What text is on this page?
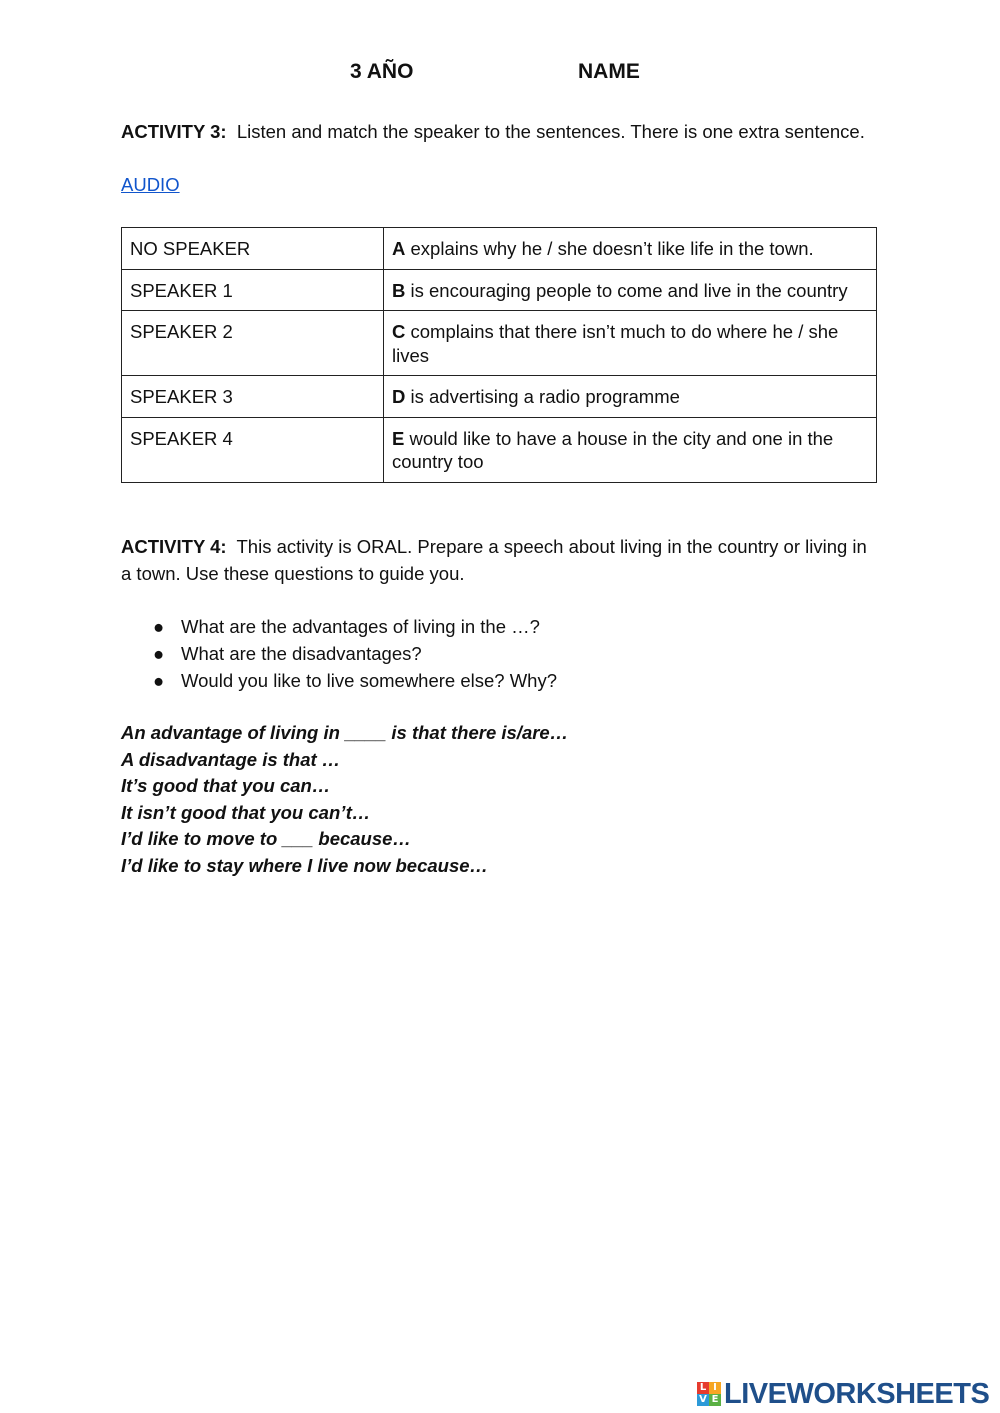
3 AÑO	NAME
ACTIVITY 3: Listen and match the speaker to the sentences. There is one extra sentence.
AUDIO
NO SPEAKER	A explains why he / she doesn’t like life in the town.
SPEAKER 1	B is encouraging people to come and live in the country
SPEAKER 2	C complains that there isn’t much to do where he / she lives
SPEAKER 3	D is advertising a radio programme
SPEAKER 4	E would like to have a house in the city and one in the country too
ACTIVITY 4: This activity is ORAL. Prepare a speech about living in the country or living in a town. Use these questions to guide you.
● What are the advantages of living in the …?
● What are the disadvantages?
● Would you like to live somewhere else? Why?
An advantage of living in ____ is that there is/are…
A disadvantage is that …
It’s good that you can…
It isn’t good that you can’t…
I’d like to move to ___ because…
I’d like to stay where I live now because…
L I
V E LIVEWORKSHEETS
